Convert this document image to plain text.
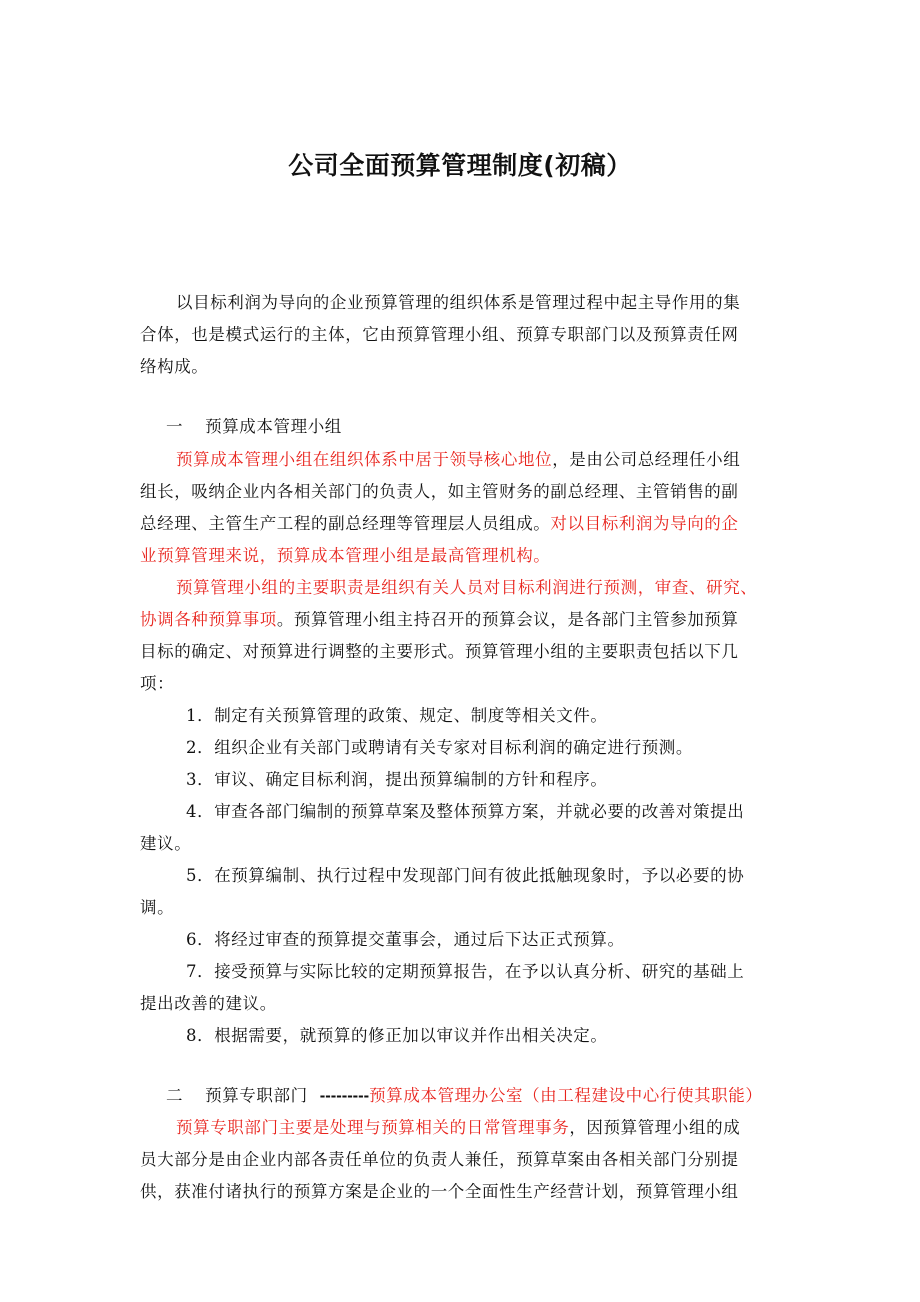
公司全面预算管理制度(初稿）
以目标利润为导向的企业预算管理的组织体系是管理过程中起主导作用的集
合体，也是模式运行的主体，它由预算管理小组、预算专职部门以及预算责任网
络构成。
一 预算成本管理小组
预算成本管理小组在组织体系中居于领导核心地位，是由公司总经理任小组
组长，吸纳企业内各相关部门的负责人，如主管财务的副总经理、主管销售的副
总经理、主管生产工程的副总经理等管理层人员组成。对以目标利润为导向的企
业预算管理来说，预算成本管理小组是最高管理机构。
预算管理小组的主要职责是组织有关人员对目标利润进行预测，审查、研究、
协调各种预算事项。预算管理小组主持召开的预算会议，是各部门主管参加预算
目标的确定、对预算进行调整的主要形式。预算管理小组的主要职责包括以下几
项：
1．制定有关预算管理的政策、规定、制度等相关文件。
2．组织企业有关部门或聘请有关专家对目标利润的确定进行预测。
3．审议、确定目标利润，提出预算编制的方针和程序。
4．审查各部门编制的预算草案及整体预算方案，并就必要的改善对策提出
建议。
5．在预算编制、执行过程中发现部门间有彼此抵触现象时，予以必要的协
调。
6．将经过审查的预算提交董事会，通过后下达正式预算。
7．接受预算与实际比较的定期预算报告，在予以认真分析、研究的基础上
提出改善的建议。
8．根据需要，就预算的修正加以审议并作出相关决定。
二 预算专职部门 ---------预算成本管理办公室（由工程建设中心行使其职能）
预算专职部门主要是处理与预算相关的日常管理事务，因预算管理小组的成
员大部分是由企业内部各责任单位的负责人兼任，预算草案由各相关部门分别提
供，获准付诸执行的预算方案是企业的一个全面性生产经营计划，预算管理小组
